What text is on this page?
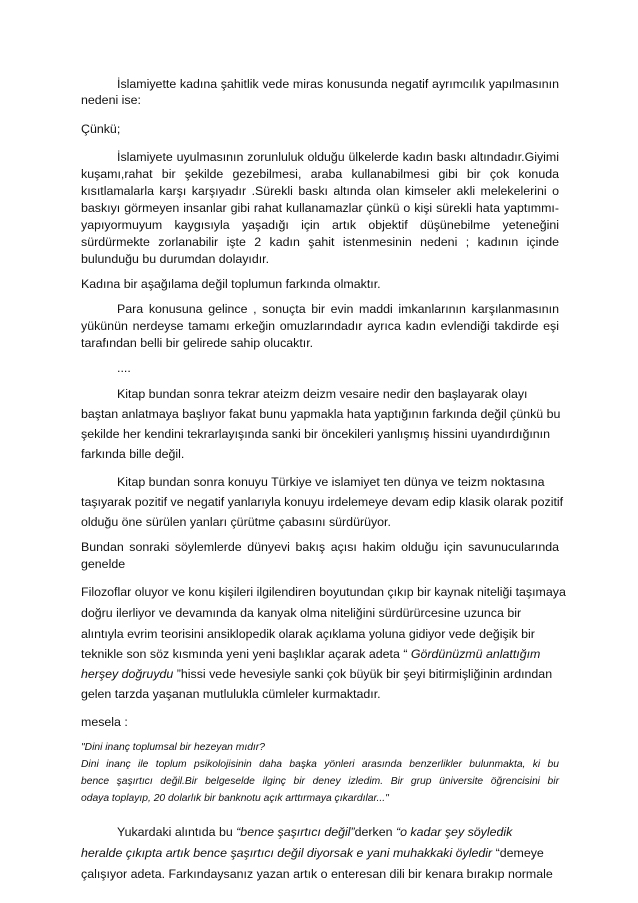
İslamiyette kadına şahitlik vede miras konusunda negatif ayrımcılık yapılmasının
nedeni ise:
Çünkü;
İslamiyete uyulmasının zorunluluk olduğu ülkelerde kadın baskı altındadır.Giyimi
kuşamı,rahat bir şekilde gezebilmesi, araba kullanabilmesi gibi bir çok konuda
kısıtlamalarla karşı karşıyadır .Sürekli baskı altında olan kimseler akli melekelerini o
baskıyı görmeyen insanlar gibi rahat kullanamazlar çünkü o kişi sürekli hata yaptımmı-
yapıyormuyum kaygısıyla yaşadığı için artık objektif düşünebilme yeteneğini
sürdürmekte zorlanabilir işte 2 kadın şahit istenmesinin nedeni ; kadının içinde
bulunduğu bu durumdan dolayıdır.
Kadına bir aşağılama değil toplumun farkında olmaktır.
Para konusuna gelince , sonuçta bir evin maddi imkanlarının karşılanmasının
yükünün nerdeyse tamamı erkeğin omuzlarındadır ayrıca kadın evlendiği takdirde eşi
tarafından belli bir gelirede sahip olucaktır.
....
Kitap bundan sonra tekrar ateizm deizm vesaire nedir den başlayarak olayı
baştan anlatmaya başlıyor fakat bunu yapmakla hata yaptığının farkında değil çünkü bu
şekilde her kendini tekrarlayışında sanki bir öncekileri yanlışmış hissini uyandırdığının
farkında bille değil.
Kitap bundan sonra konuyu Türkiye ve islamiyet ten dünya ve teizm noktasına
taşıyarak pozitif ve negatif yanlarıyla konuyu irdelemeye devam edip klasik olarak pozitif
olduğu öne sürülen yanları çürütme çabasını sürdürüyor.
Bundan sonraki söylemlerde dünyevi bakış açısı hakim olduğu için savunucularında
genelde
Filozoflar oluyor ve konu kişileri ilgilendiren boyutundan çıkıp bir kaynak niteliği taşımaya
doğru ilerliyor ve devamında da kanyak olma niteliğini sürdürürcesine uzunca bir
alıntıyla evrim teorisini ansiklopedik olarak açıklama yoluna gidiyor vede değişik bir
teknikle son söz kısmında yeni yeni başlıklar açarak adeta “ Gördünüzmü anlattığım
herşey doğruydu ”hissi vede hevesiyle sanki çok büyük bir şeyi bitirmişliğinin ardından
gelen tarzda yaşanan mutlulukla cümleler kurmaktadır.
mesela :
"Dini inanç toplumsal bir hezeyan mıdır?
Dini inanç ile toplum psikolojisinin daha başka yönleri arasında benzerlikler bulunmakta, ki bu
bence şaşırtıcı değil.Bir belgeselde ilginç bir deney izledim. Bir grup üniversite öğrencisini bir
odaya toplayıp, 20 dolarlık bir banknotu açık arttırmaya çıkardılar..."
Yukardaki alıntıda bu “bence şaşırtıcı değil”derken “o kadar şey söyledik
heralde çıkıpta artık bence şaşırtıcı değil diyorsak e yani muhakkaki öyledir “demeye
çalışıyor adeta. Farkındaysanız yazan artık o enteresan dili bir kenara bırakıp normale
